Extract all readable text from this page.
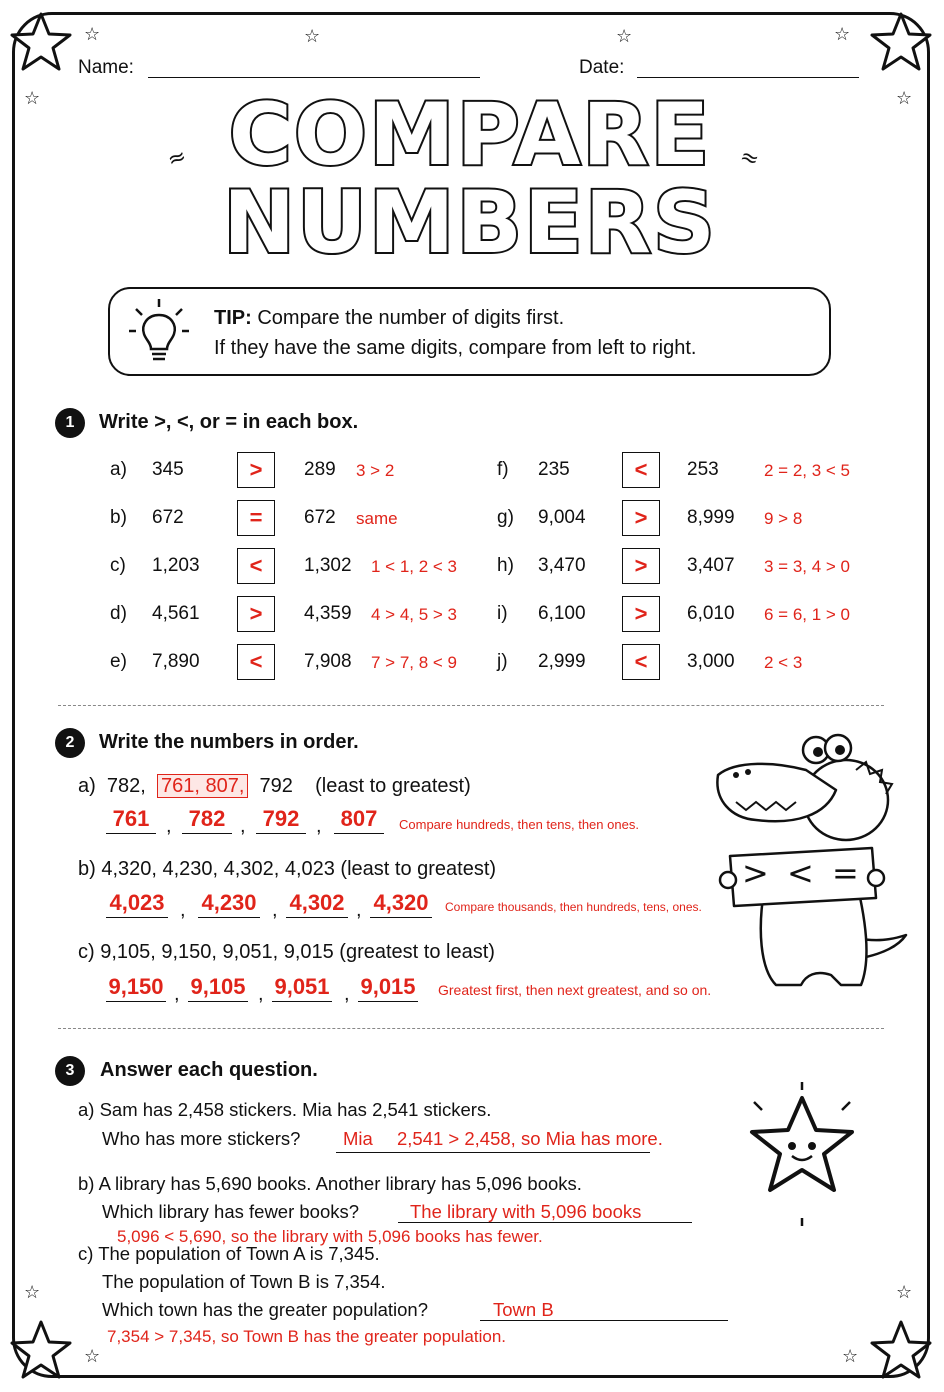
☆	☆	☆	☆
☆	☆
☆	☆
☆	☆
Name:	Date:
COMPARE
NUMBERS
≈	≈
TIP: Compare the number of digits first.
If they have the same digits, compare from left to right.
1	Write >, <, or = in each box.
a) 345	>	289 3 > 2
b) 672	=	672 same
c) 1,203	<	1,302 1 < 1, 2 < 3
d) 4,561	>	4,359 4 > 4, 5 > 3
e) 7,890	<	7,908 7 > 7, 8 < 9
f) 235	<	253	2 = 2, 3 < 5
g) 9,004	>	8,999 9 > 8
h) 3,470	>	3,407 3 = 3, 4 > 0
i) 6,100	>	6,010 6 = 6, 1 > 0
j) 2,999	<	3,000 2 < 3
2	Write the numbers in order.
a) 782, 761, 807, 792 (least to greatest)
761	782	792	807
,	,	,	Compare hundreds, then tens, then ones.
b) 4,320, 4,230, 4,302, 4,023 (least to greatest)
4,023 4,230 4,302 4,320
,	,	,	Compare thousands, then hundreds, tens, ones.
c) 9,105, 9,150, 9,051, 9,015 (greatest to least)
9,150 9,105 9,051 9,015
,	,	,	Greatest first, then next greatest, and so on.
> < =
3	Answer each question.
a) Sam has 2,458 stickers. Mia has 2,541 stickers.
Who has more stickers? Mia 2,541 > 2,458, so Mia has more.
b) A library has 5,690 books. Another library has 5,096 books.
Which library has fewer books?	The library with 5,096 books
5,096 < 5,690, so the library with 5,096 books has fewer.
c) The population of Town A is 7,345.
The population of Town B is 7,354.
Which town has the greater population?	Town B
7,354 > 7,345, so Town B has the greater population.
